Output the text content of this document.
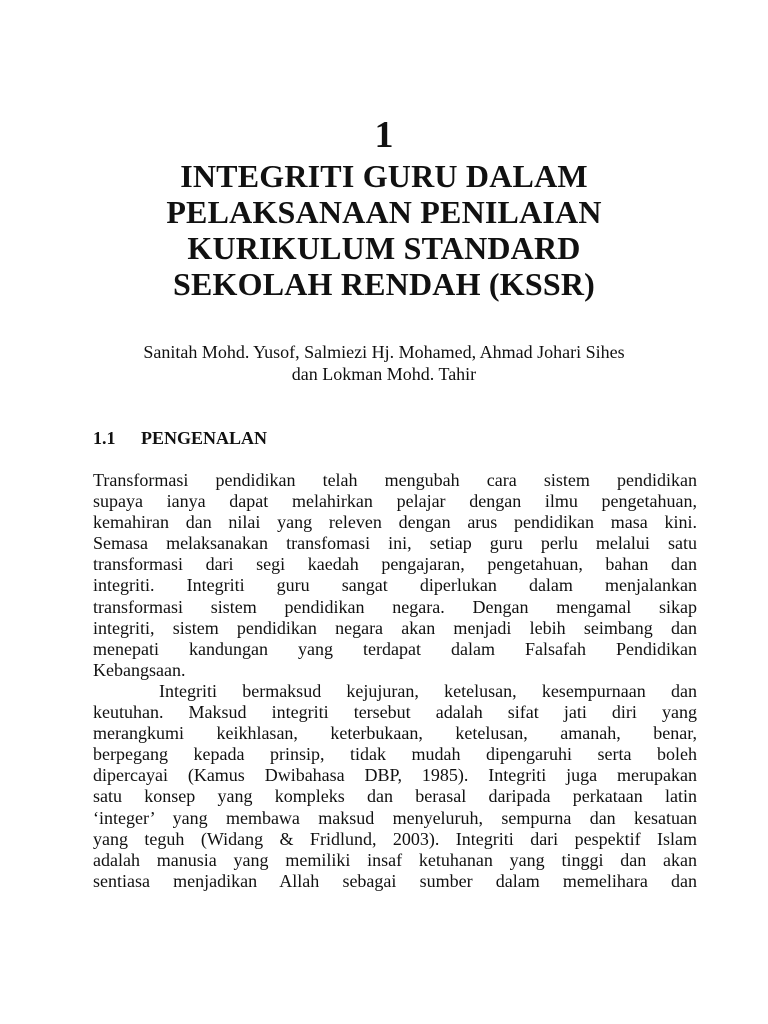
1
INTEGRITI GURU DALAM
PELAKSANAAN PENILAIAN
KURIKULUM STANDARD
SEKOLAH RENDAH (KSSR)
Sanitah Mohd. Yusof, Salmiezi Hj. Mohamed, Ahmad Johari Sihes
dan Lokman Mohd. Tahir
1.1 PENGENALAN
Transformasi pendidikan telah mengubah cara sistem pendidikan
supaya ianya dapat melahirkan pelajar dengan ilmu pengetahuan,
kemahiran dan nilai yang releven dengan arus pendidikan masa kini.
Semasa melaksanakan transfomasi ini, setiap guru perlu melalui satu
transformasi dari segi kaedah pengajaran, pengetahuan, bahan dan
integriti. Integriti guru sangat diperlukan dalam menjalankan
transformasi sistem pendidikan negara. Dengan mengamal sikap
integriti, sistem pendidikan negara akan menjadi lebih seimbang dan
menepati kandungan yang terdapat dalam Falsafah Pendidikan
Kebangsaan.
Integriti bermaksud kejujuran, ketelusan, kesempurnaan dan
keutuhan. Maksud integriti tersebut adalah sifat jati diri yang
merangkumi keikhlasan, keterbukaan, ketelusan, amanah, benar,
berpegang kepada prinsip, tidak mudah dipengaruhi serta boleh
dipercayai (Kamus Dwibahasa DBP, 1985). Integriti juga merupakan
satu konsep yang kompleks dan berasal daripada perkataan latin
‘integer’ yang membawa maksud menyeluruh, sempurna dan kesatuan
yang teguh (Widang & Fridlund, 2003). Integriti dari pespektif Islam
adalah manusia yang memiliki insaf ketuhanan yang tinggi dan akan
sentiasa menjadikan Allah sebagai sumber dalam memelihara dan
